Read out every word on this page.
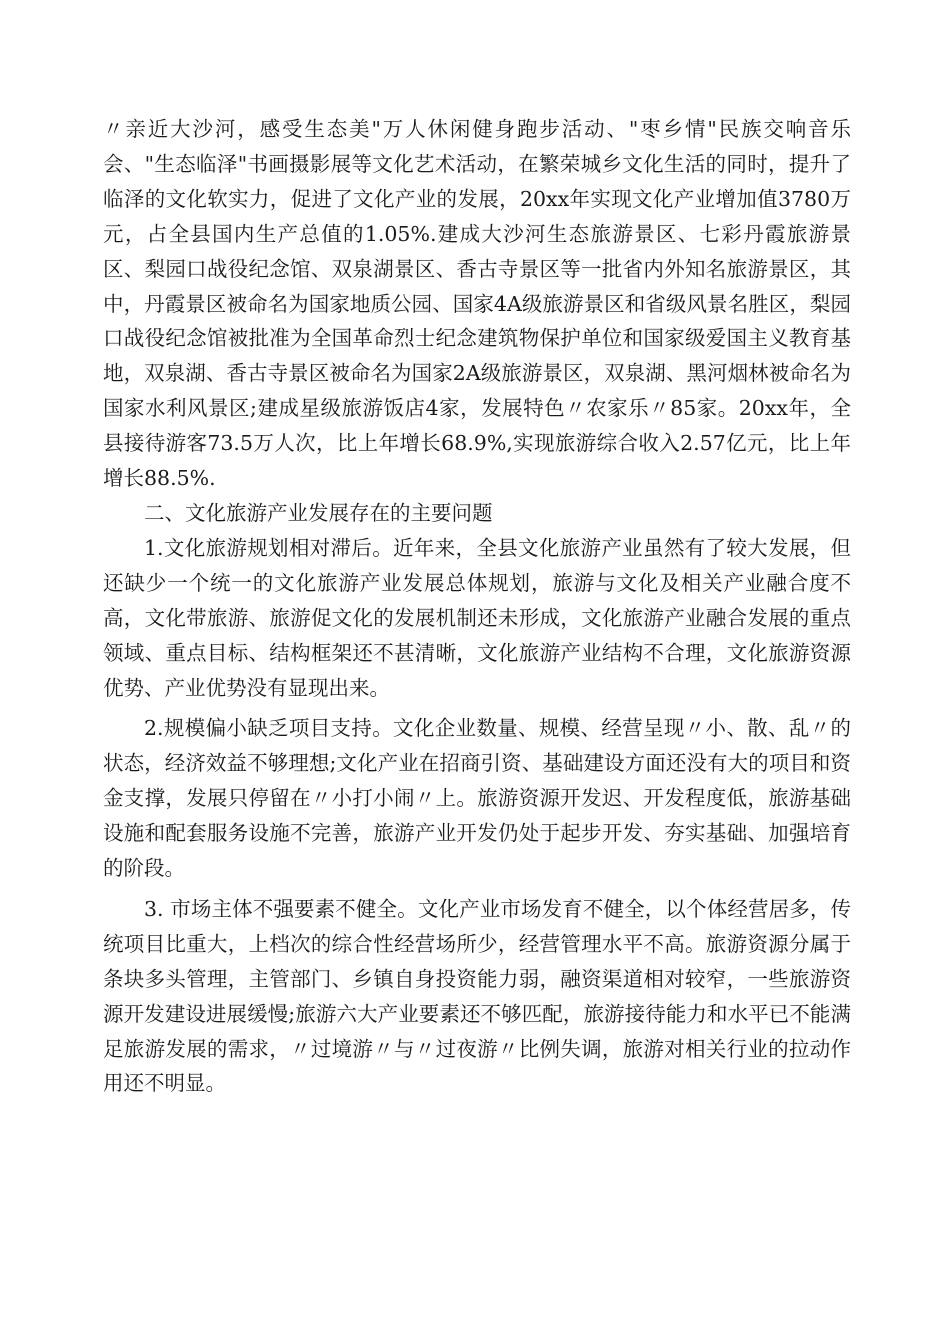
〃亲近大沙河，感受生态美"万人休闲健身跑步活动、"枣乡情"民族交响音乐会、"生态临泽"书画摄影展等文化艺术活动，在繁荣城乡文化生活的同时，提升了临泽的文化软实力，促进了文化产业的发展，20xx年实现文化产业增加值3780万元，占全县国内生产总值的1.05%.建成大沙河生态旅游景区、七彩丹霞旅游景区、梨园口战役纪念馆、双泉湖景区、香古寺景区等一批省内外知名旅游景区，其中，丹霞景区被命名为国家地质公园、国家4A级旅游景区和省级风景名胜区，梨园口战役纪念馆被批准为全国革命烈士纪念建筑物保护单位和国家级爱国主义教育基地，双泉湖、香古寺景区被命名为国家2A级旅游景区，双泉湖、黑河烟林被命名为国家水利风景区;建成星级旅游饭店4家，发展特色〃农家乐〃85家。20xx年，全县接待游客73.5万人次，比上年增长68.9%,实现旅游综合收入2.57亿元，比上年增长88.5%.

二、文化旅游产业发展存在的主要问题

1.文化旅游规划相对滞后。近年来，全县文化旅游产业虽然有了较大发展，但还缺少一个统一的文化旅游产业发展总体规划，旅游与文化及相关产业融合度不高，文化带旅游、旅游促文化的发展机制还未形成，文化旅游产业融合发展的重点领域、重点目标、结构框架还不甚清晰，文化旅游产业结构不合理，文化旅游资源优势、产业优势没有显现出来。

2.规模偏小缺乏项目支持。文化企业数量、规模、经营呈现〃小、散、乱〃的状态，经济效益不够理想;文化产业在招商引资、基础建设方面还没有大的项目和资金支撑，发展只停留在〃小打小闹〃上。旅游资源开发迟、开发程度低，旅游基础设施和配套服务设施不完善，旅游产业开发仍处于起步开发、夯实基础、加强培育的阶段。

3. 市场主体不强要素不健全。文化产业市场发育不健全，以个体经营居多，传统项目比重大，上档次的综合性经营场所少，经营管理水平不高。旅游资源分属于条块多头管理，主管部门、乡镇自身投资能力弱，融资渠道相对较窄，一些旅游资源开发建设进展缓慢;旅游六大产业要素还不够匹配，旅游接待能力和水平已不能满足旅游发展的需求，〃过境游〃与〃过夜游〃比例失调，旅游对相关行业的拉动作用还不明显。
